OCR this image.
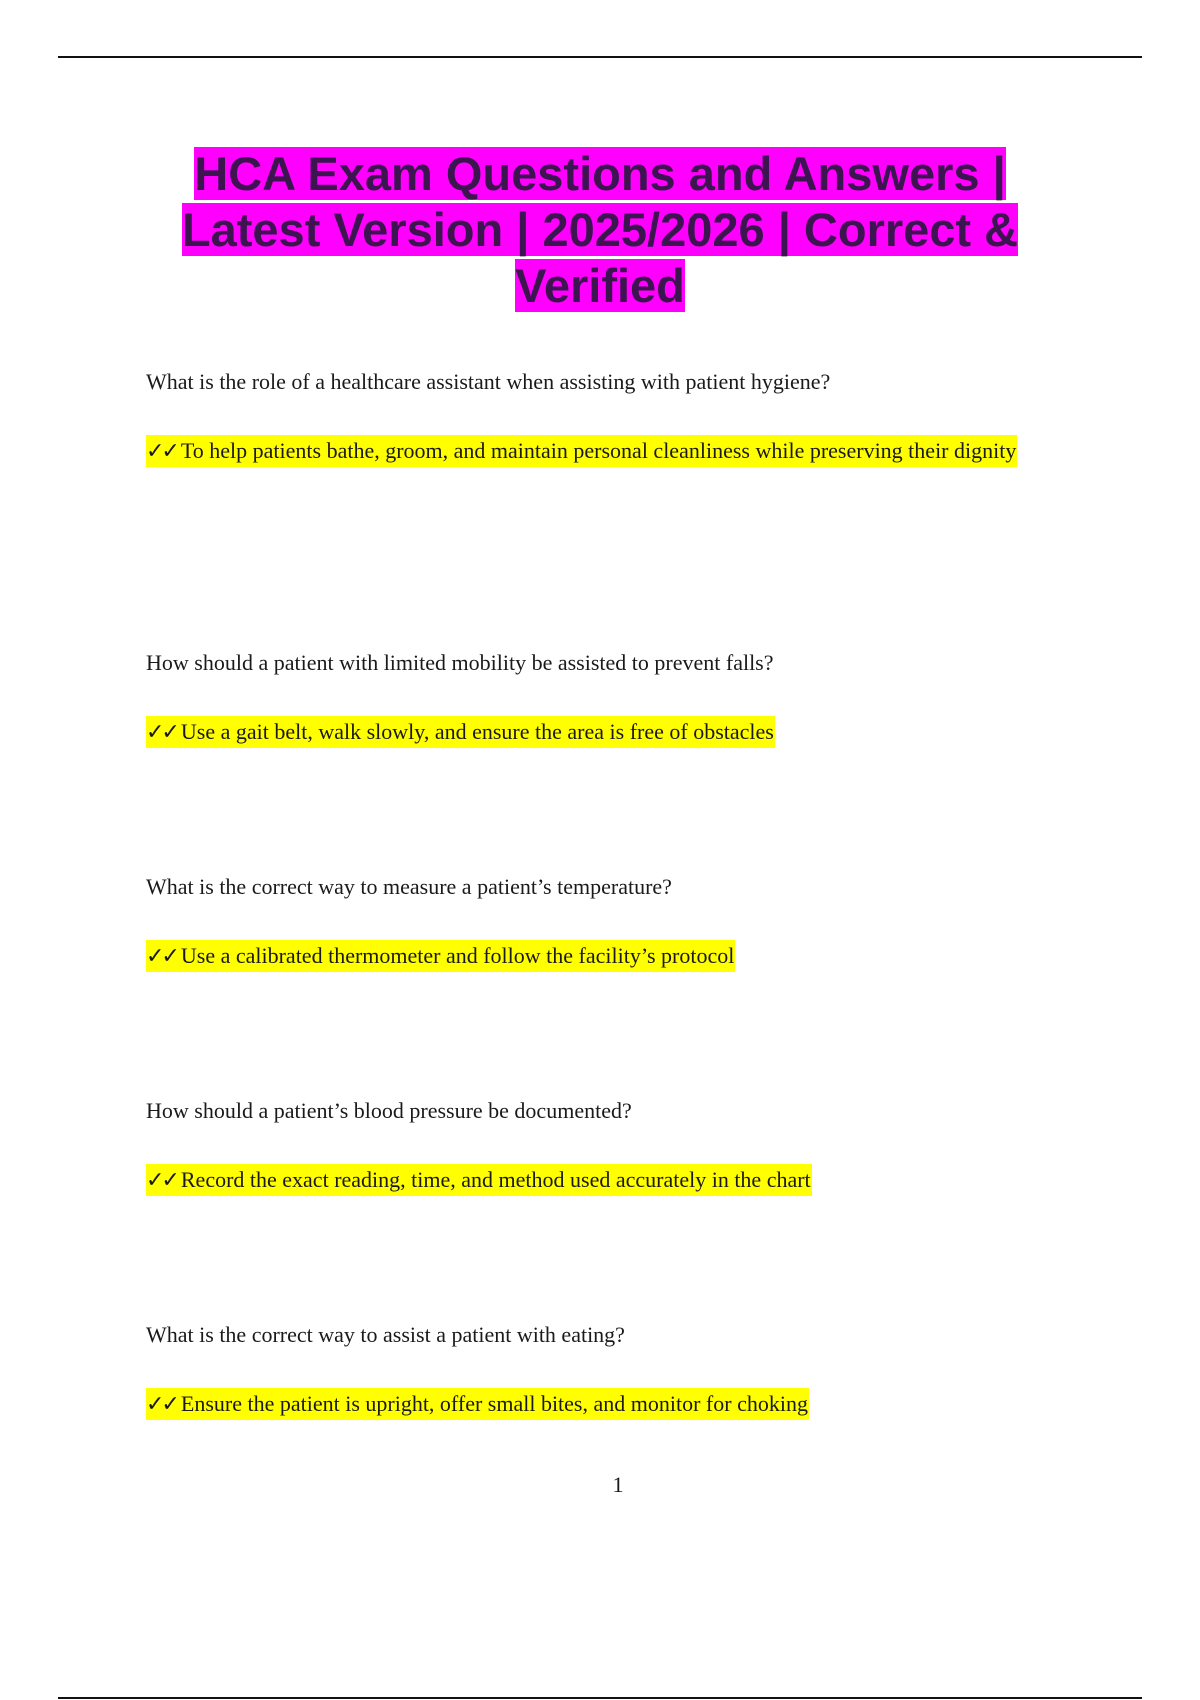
HCA Exam Questions and Answers | Latest Version | 2025/2026 | Correct & Verified

What is the role of a healthcare assistant when assisting with patient hygiene?

✓✓ To help patients bathe, groom, and maintain personal cleanliness while preserving their dignity

How should a patient with limited mobility be assisted to prevent falls?

✓✓ Use a gait belt, walk slowly, and ensure the area is free of obstacles

What is the correct way to measure a patient’s temperature?

✓✓ Use a calibrated thermometer and follow the facility’s protocol

How should a patient’s blood pressure be documented?

✓✓ Record the exact reading, time, and method used accurately in the chart

What is the correct way to assist a patient with eating?

✓✓ Ensure the patient is upright, offer small bites, and monitor for choking

1
